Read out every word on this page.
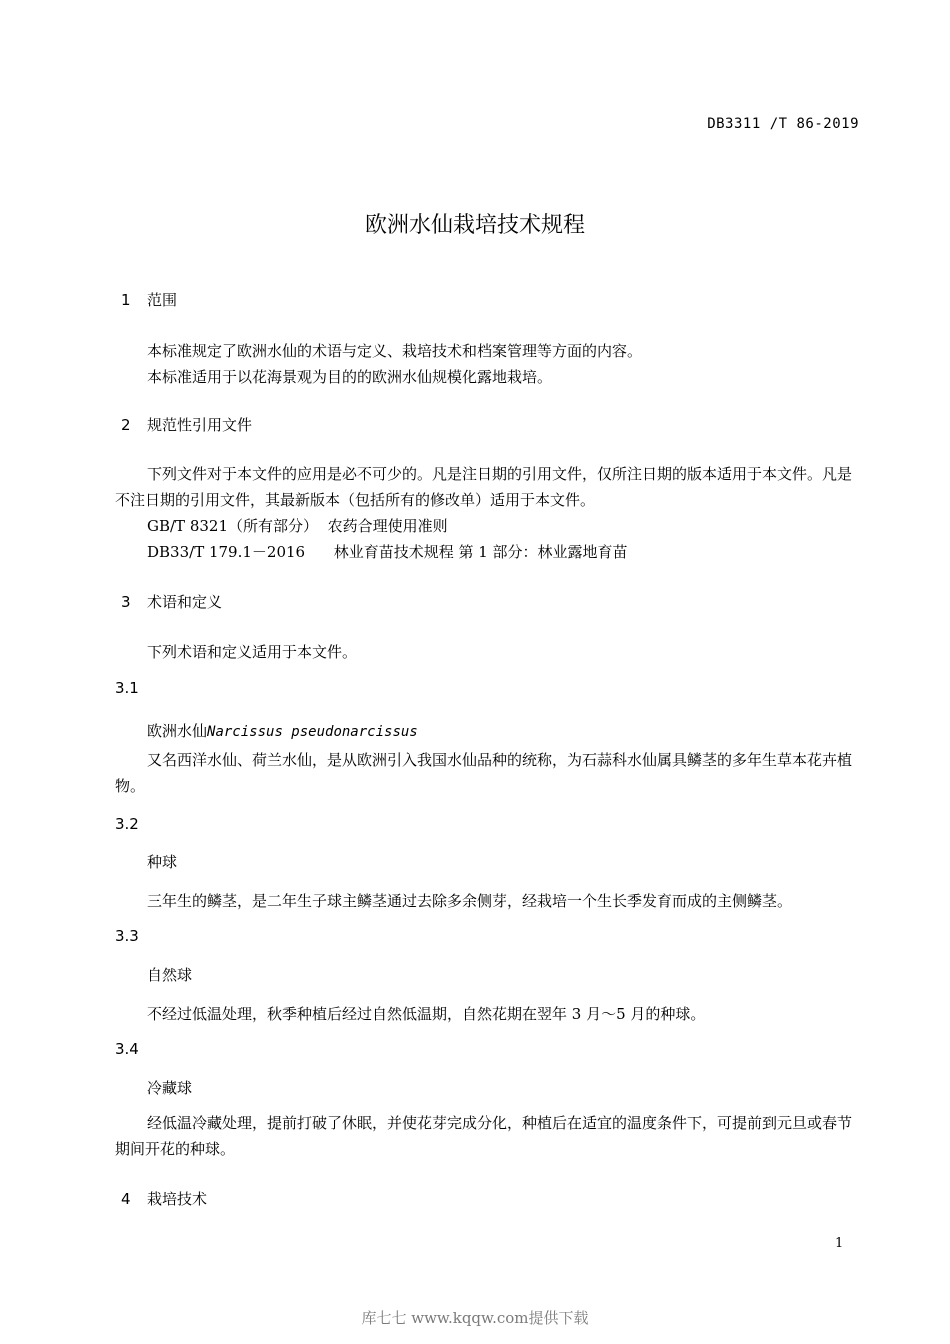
DB3311 /T 86-2019
欧洲水仙栽培技术规程
1 范围
本标准规定了欧洲水仙的术语与定义、栽培技术和档案管理等方面的内容。
本标准适用于以花海景观为目的的欧洲水仙规模化露地栽培。
2 规范性引用文件
下列文件对于本文件的应用是必不可少的。凡是注日期的引用文件，仅所注日期的版本适用于本文件。凡是不注日期的引用文件，其最新版本（包括所有的修改单）适用于本文件。
GB/T 8321（所有部分） 农药合理使用准则
DB33/T 179.1－2016 林业育苗技术规程 第 1 部分：林业露地育苗
3 术语和定义
下列术语和定义适用于本文件。
3.1
欧洲水仙Narcissus pseudonarcissus
又名西洋水仙、荷兰水仙，是从欧洲引入我国水仙品种的统称，为石蒜科水仙属具鳞茎的多年生草本花卉植物。
3.2
种球
三年生的鳞茎，是二年生子球主鳞茎通过去除多余侧芽，经栽培一个生长季发育而成的主侧鳞茎。
3.3
自然球
不经过低温处理，秋季种植后经过自然低温期，自然花期在翌年 3 月～5 月的种球。
3.4
冷藏球
经低温冷藏处理，提前打破了休眠，并使花芽完成分化，种植后在适宜的温度条件下，可提前到元旦或春节期间开花的种球。
4 栽培技术
1
库七七 www.kqqw.com提供下载
